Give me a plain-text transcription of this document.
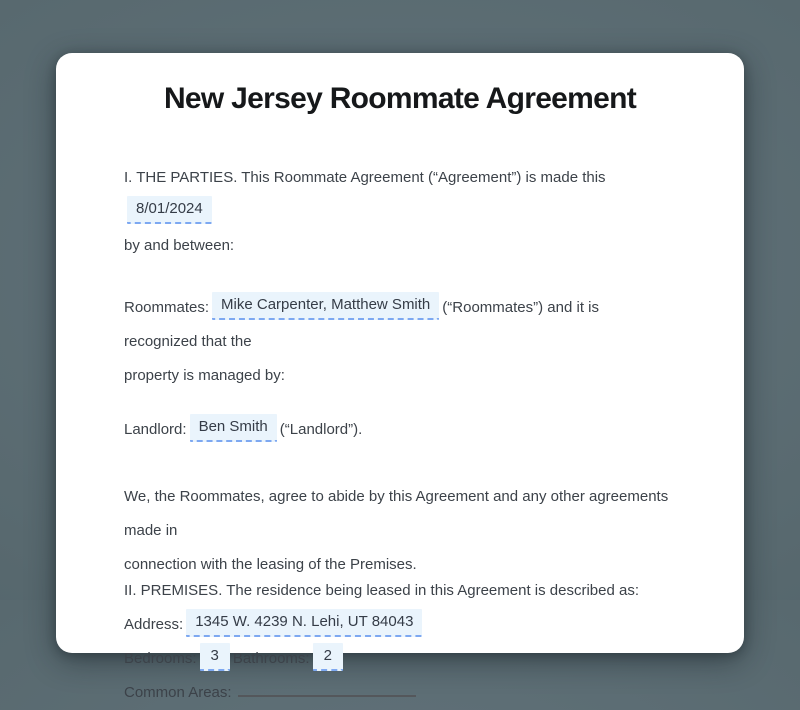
New Jersey Roommate Agreement

I. THE PARTIES. This Roommate Agreement (“Agreement”) is made this8/01/2024

by and between:

Roommates: Mike Carpenter, Matthew Smith (“Roommates”) and it is recognized that the

property is managed by:

Landlord: Ben Smith (“Landlord”).

We, the Roommates, agree to abide by this Agreement and any other agreements made in

connection with the leasing of the Premises.

II. PREMISES. The residence being leased in this Agreement is described as:

Address: 1345 W. 4239 N. Lehi, UT 84043

Bedrooms: 3 Bathrooms: 2

Common Areas:
